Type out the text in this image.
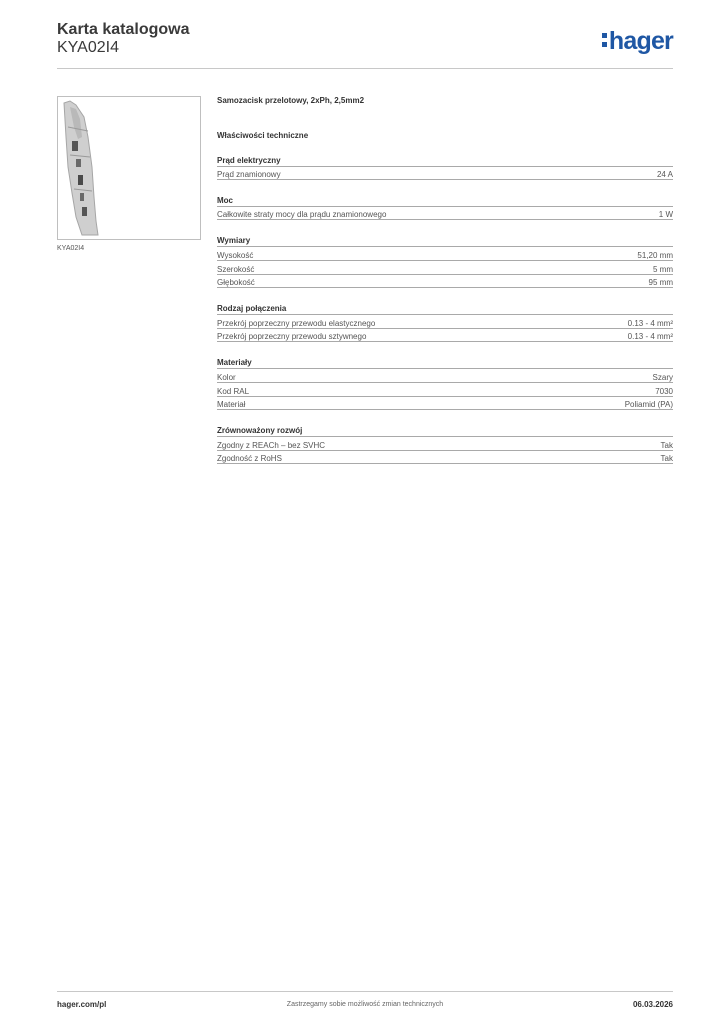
Karta katalogowa
KYA02I4	hager
KYA02I4
Samozacisk przelotowy, 2xPh, 2,5mm2
Właściwości techniczne
Prąd elektryczny
Prąd znamionowy	24 A
Moc
Całkowite straty mocy dla prądu znamionowego	1 W
Wymiary
Wysokość	51,20 mm
Szerokość	5 mm
Głębokość	95 mm
Rodzaj połączenia
Przekrój poprzeczny przewodu elastycznego	0.13 - 4 mm²
Przekrój poprzeczny przewodu sztywnego	0.13 - 4 mm²
Materiały
Kolor	Szary
Kod RAL	7030
Materiał	Poliamid (PA)
Zrównoważony rozwój
Zgodny z REACh – bez SVHC	Tak
Zgodność z RoHS	Tak
hager.com/pl	Zastrzegamy sobie możliwość zmian technicznych	06.03.2026
